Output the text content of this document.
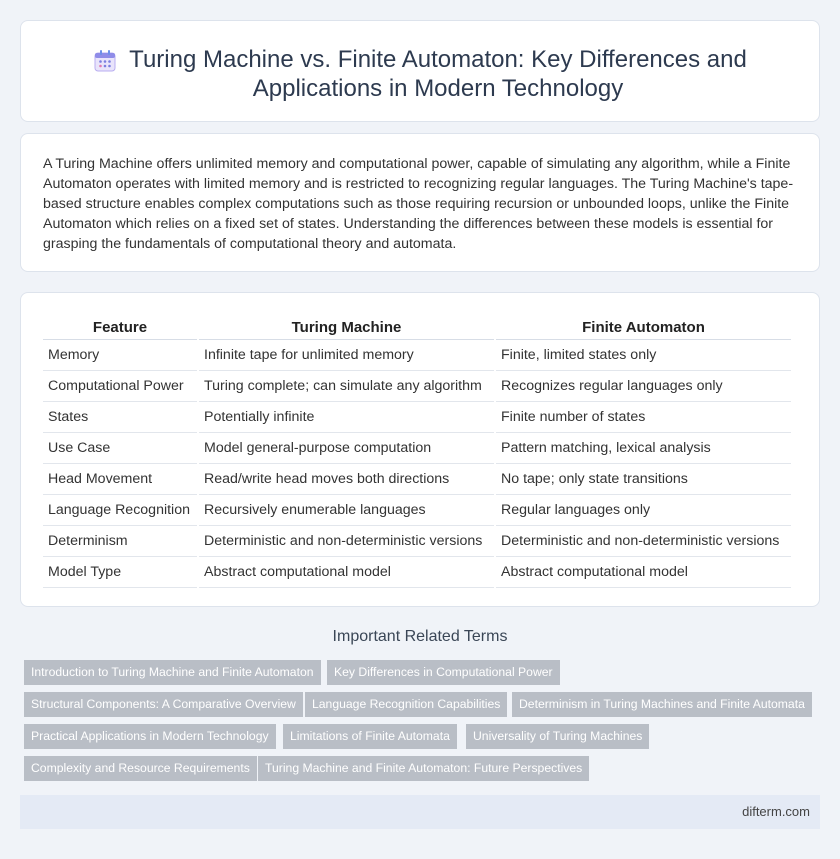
Turing Machine vs. Finite Automaton: Key Differences and Applications in Modern Technology

A Turing Machine offers unlimited memory and computational power, capable of simulating any algorithm, while a Finite Automaton operates with limited memory and is restricted to recognizing regular languages. The Turing Machine's tape-based structure enables complex computations such as those requiring recursion or unbounded loops, unlike the Finite Automaton which relies on a fixed set of states. Understanding the differences between these models is essential for grasping the fundamentals of computational theory and automata.

Feature	Turing Machine	Finite Automaton
Memory	Infinite tape for unlimited memory	Finite, limited states only
Computational Power	Turing complete; can simulate any algorithm	Recognizes regular languages only
States	Potentially infinite	Finite number of states
Use Case	Model general-purpose computation	Pattern matching, lexical analysis
Head Movement	Read/write head moves both directions	No tape; only state transitions
Language Recognition	Recursively enumerable languages	Regular languages only
Determinism	Deterministic and non-deterministic versions	Deterministic and non-deterministic versions
Model Type	Abstract computational model	Abstract computational model
Important Related Terms
Introduction to Turing Machine and Finite Automaton	Key Differences in Computational Power
Structural Components: A Comparative Overview	Language Recognition Capabilities	Determinism in Turing Machines and Finite Automata
Practical Applications in Modern Technology	Limitations of Finite Automata	Universality of Turing Machines
Complexity and Resource Requirements	Turing Machine and Finite Automaton: Future Perspectives
difterm.com
